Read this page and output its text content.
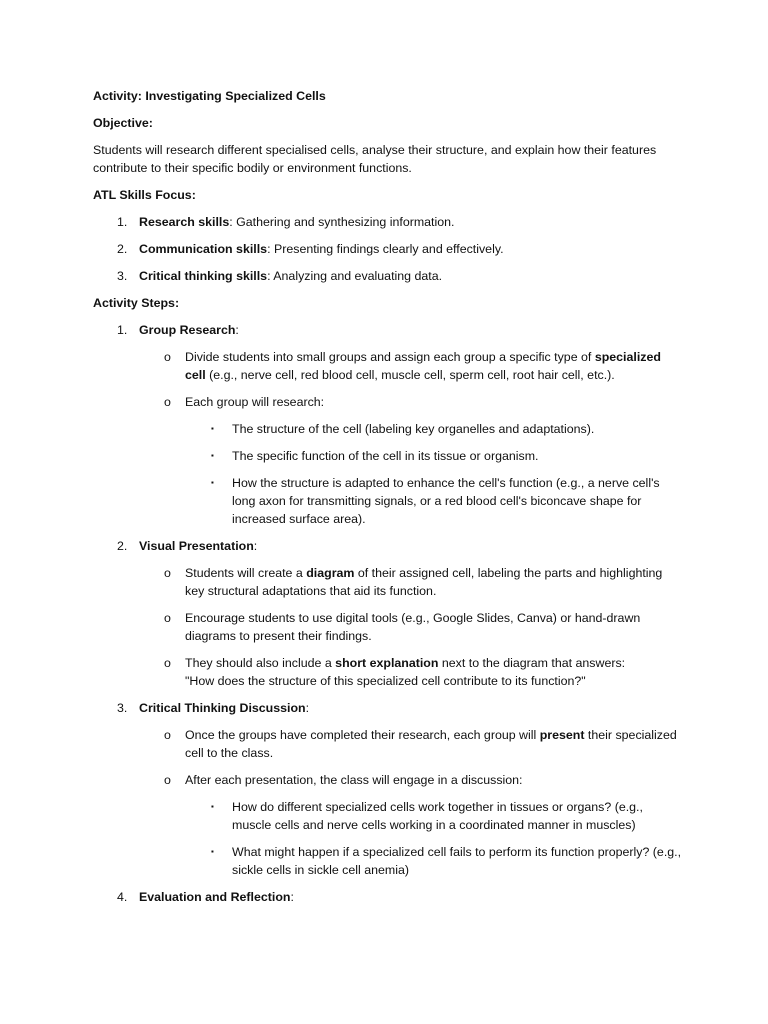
Activity: Investigating Specialized Cells

Objective:

Students will research different specialised cells, analyse their structure, and explain how their features contribute to their specific bodily or environment functions.

ATL Skills Focus:

1. Research skills: Gathering and synthesizing information.
2. Communication skills: Presenting findings clearly and effectively.
3. Critical thinking skills: Analyzing and evaluating data.

Activity Steps:

1. Group Research:
o Divide students into small groups and assign each group a specific type of specialized cell (e.g., nerve cell, red blood cell, muscle cell, sperm cell, root hair cell, etc.).
o Each group will research:
▪ The structure of the cell (labeling key organelles and adaptations).
▪ The specific function of the cell in its tissue or organism.
▪ How the structure is adapted to enhance the cell's function (e.g., a nerve cell's long axon for transmitting signals, or a red blood cell's biconcave shape for increased surface area).
2. Visual Presentation:
o Students will create a diagram of their assigned cell, labeling the parts and highlighting key structural adaptations that aid its function.
o Encourage students to use digital tools (e.g., Google Slides, Canva) or hand-drawn diagrams to present their findings.
o They should also include a short explanation next to the diagram that answers:
"How does the structure of this specialized cell contribute to its function?"
3. Critical Thinking Discussion:
o Once the groups have completed their research, each group will present their specialized cell to the class.
o After each presentation, the class will engage in a discussion:
▪ How do different specialized cells work together in tissues or organs? (e.g., muscle cells and nerve cells working in a coordinated manner in muscles)
▪ What might happen if a specialized cell fails to perform its function properly? (e.g., sickle cells in sickle cell anemia)
4. Evaluation and Reflection:
